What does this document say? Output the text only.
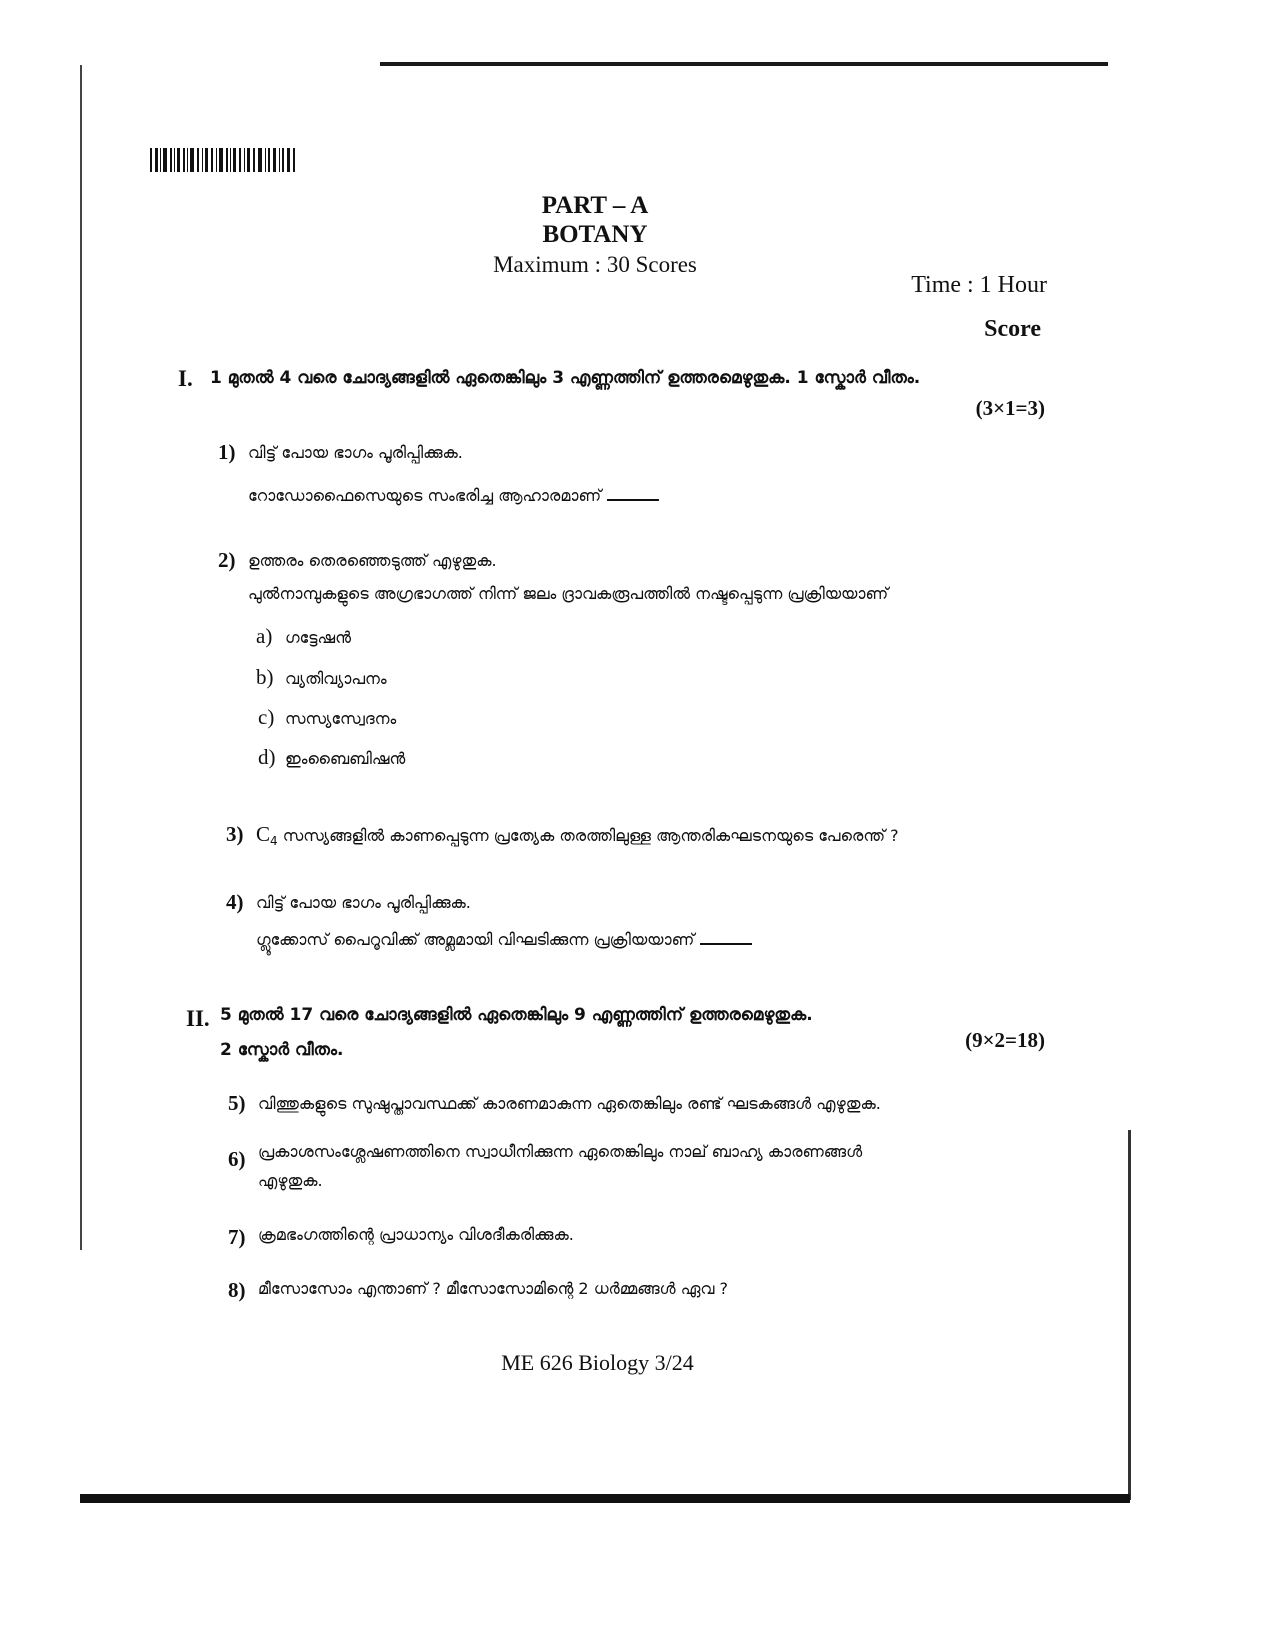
PART – A
BOTANY
Maximum : 30 Scores
Time : 1 Hour
Score
I. 1 മുതൽ 4 വരെ ചോദ്യങ്ങളിൽ ഏതെങ്കിലും 3 എണ്ണത്തിന് ഉത്തരമെഴുതുക. 1 സ്കോർ വീതം.
(3×1=3)
1) വിട്ട് പോയ ഭാഗം പൂരിപ്പിക്കുക.
റോഡോഫൈസെയുടെ സംഭരിച്ച ആഹാരമാണ്
2) ഉത്തരം തെരഞ്ഞെടുത്ത് എഴുതുക.
പുൽനാമ്പുകളുടെ അഗ്രഭാഗത്ത് നിന്ന് ജലം ദ്രാവകരൂപത്തിൽ നഷ്ടപ്പെടുന്ന പ്രക്രിയയാണ്
a) ഗട്ടേഷൻ
b) വ്യതിവ്യാപനം
c) സസ്യസ്വേദനം
d) ഇംബൈബിഷൻ
3) $C_4$ സസ്യങ്ങളിൽ കാണപ്പെടുന്ന പ്രത്യേക തരത്തിലുള്ള ആന്തരികഘടനയുടെ പേരെന്ത് ?
4) വിട്ട് പോയ ഭാഗം പൂരിപ്പിക്കുക.
ഗ്ലൂക്കോസ് പൈറൂവിക്ക് അമ്ലമായി വിഘടിക്കുന്ന പ്രക്രിയയാണ്
II. 5 മുതൽ 17 വരെ ചോദ്യങ്ങളിൽ ഏതെങ്കിലും 9 എണ്ണത്തിന് ഉത്തരമെഴുതുക.
2 സ്കോർ വീതം.	(9×2=18)
5) വിത്തുകളുടെ സുഷുപ്താവസ്ഥക്ക് കാരണമാകുന്ന ഏതെങ്കിലും രണ്ട് ഘടകങ്ങൾ എഴുതുക.
6) പ്രകാശസംശ്ലേഷണത്തിനെ സ്വാധീനിക്കുന്ന ഏതെങ്കിലും നാല് ബാഹ്യ കാരണങ്ങൾ
എഴുതുക.
7) ക്രമഭംഗത്തിന്റെ പ്രാധാന്യം വിശദീകരിക്കുക.
8) മീസോസോം എന്താണ് ? മീസോസോമിന്റെ 2 ധർമ്മങ്ങൾ ഏവ ?
ME 626 Biology 3/24
